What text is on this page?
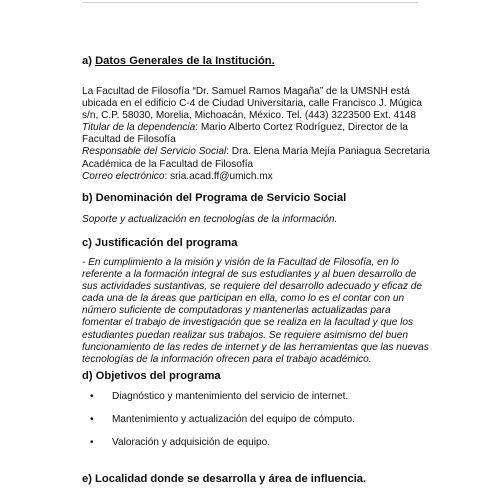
a) Datos Generales de la Institución.
La Facultad de Filosofía “Dr. Samuel Ramos Magaña” de la UMSNH está
ubicada en el edificio C-4 de Ciudad Universitaria, calle Francisco J. Múgica
s/n, C.P. 58030, Morelia, Michoacán, México. Tel. (443) 3223500 Ext. 4148
Titular de la dependencia: Mario Alberto Cortez Rodríguez, Director de la
Facultad de Filosofía
Responsable del Servicio Social: Dra. Elena María Mejía Paniagua Secretaria
Académica de la Facultad de Filosofía
Correo electrónico: sria.acad.ff@umich.mx
b) Denominación del Programa de Servicio Social
Soporte y actualización en tecnologías de la información.
c) Justificación del programa
- En cumplimiento a la misión y visión de la Facultad de Filosofía, en lo
referente a la formación integral de sus estudiantes y al buen desarrollo de
sus actividades sustantivas, se requiere del desarrollo adecuado y eficaz de
cada una de la áreas que participan en ella, como lo es el contar con un
número suficiente de computadoras y mantenerlas actualizadas para
fomentar el trabajo de investigación que se realiza en la facultad y que los
estudiantes puedan realizar sus trabajos. Se requiere asimismo del buen
funcionamiento de las redes de internet y de las herramientas que las nuevas
tecnologías de la información ofrecen para el trabajo académico.
d) Objetivos del programa
• Diagnóstico y mantenimiento del servicio de internet.
• Mantenimiento y actualización del equipo de cómputo.
• Valoración y adquisición de equipo.
e) Localidad donde se desarrolla y área de influencia.
